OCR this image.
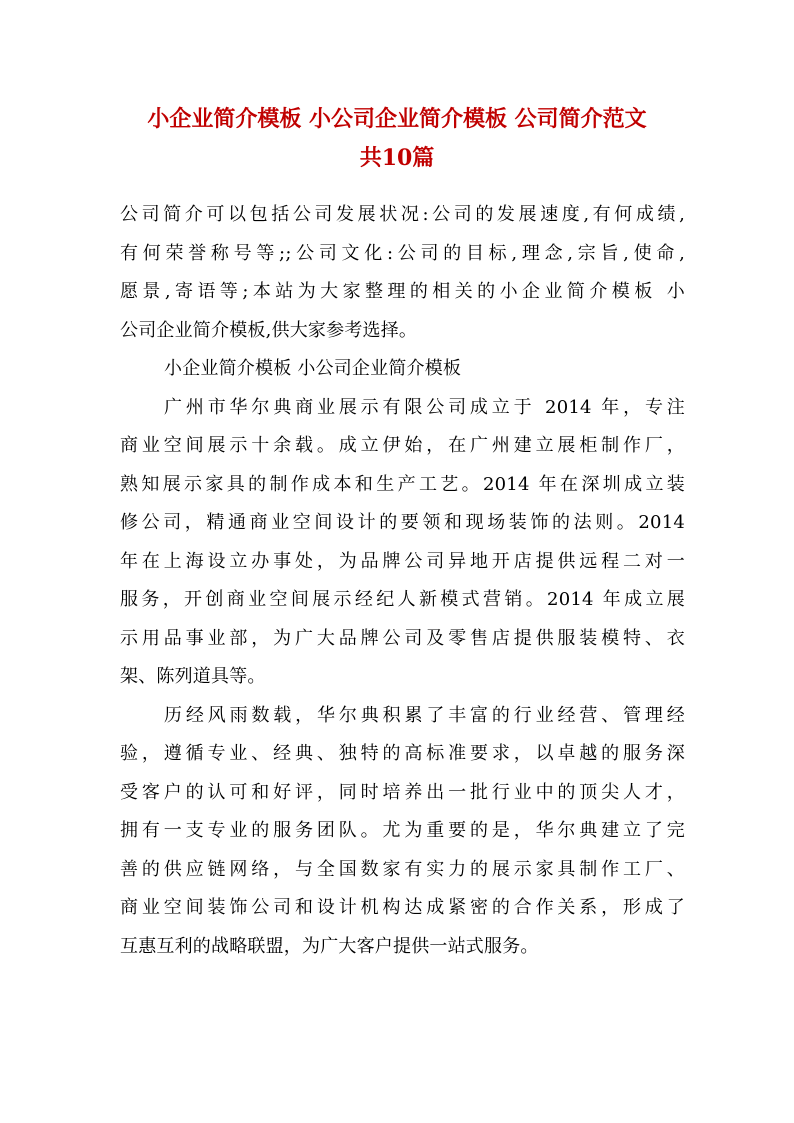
小企业简介模板 小公司企业简介模板 公司简介范文
共10篇
公司简介可以包括公司发展状况:公司的发展速度,有何成绩,
有何荣誉称号等;;公司文化:公司的目标,理念,宗旨,使命,
愿景,寄语等;本站为大家整理的相关的小企业简介模板 小
公司企业简介模板,供大家参考选择。
小企业简介模板 小公司企业简介模板
广州市华尔典商业展示有限公司成立于 2014 年，专注
商业空间展示十余载。成立伊始，在广州建立展柜制作厂，
熟知展示家具的制作成本和生产工艺。2014 年在深圳成立装
修公司，精通商业空间设计的要领和现场装饰的法则。2014
年在上海设立办事处，为品牌公司异地开店提供远程二对一
服务，开创商业空间展示经纪人新模式营销。2014 年成立展
示用品事业部，为广大品牌公司及零售店提供服装模特、衣
架、陈列道具等。
历经风雨数载，华尔典积累了丰富的行业经营、管理经
验，遵循专业、经典、独特的高标准要求，以卓越的服务深
受客户的认可和好评，同时培养出一批行业中的顶尖人才，
拥有一支专业的服务团队。尤为重要的是，华尔典建立了完
善的供应链网络，与全国数家有实力的展示家具制作工厂、
商业空间装饰公司和设计机构达成紧密的合作关系，形成了
互惠互利的战略联盟，为广大客户提供一站式服务。
